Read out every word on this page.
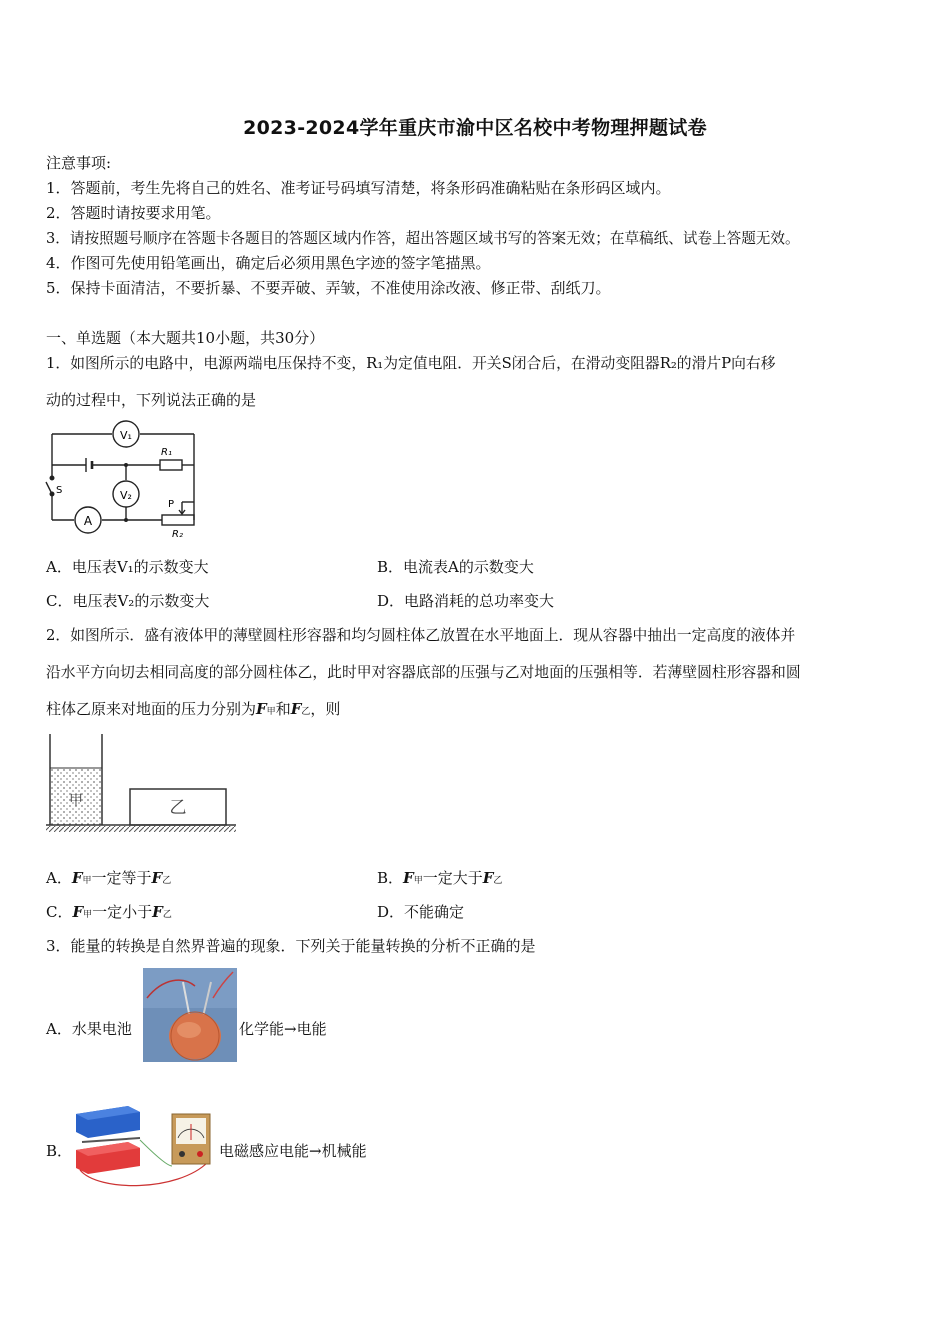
2023-2024学年重庆市渝中区名校中考物理押题试卷
注意事项:
1．答题前，考生先将自己的姓名、准考证号码填写清楚，将条形码准确粘贴在条形码区域内。
2．答题时请按要求用笔。
3．请按照题号顺序在答题卡各题目的答题区域内作答，超出答题区域书写的答案无效；在草稿纸、试卷上答题无效。
4．作图可先使用铅笔画出，确定后必须用黑色字迹的签字笔描黑。
5．保持卡面清洁，不要折暴、不要弄破、弄皱，不准使用涂改液、修正带、刮纸刀。
一、单选题（本大题共10小题，共30分）
1．如图所示的电路中，电源两端电压保持不变，R₁为定值电阻．开关S闭合后，在滑动变阻器R₂的滑片P向右移
动的过程中，下列说法正确的是
V₁
V₂
A
R₁
R₂
S
P
A．电压表V₁的示数变大	B．电流表A的示数变大
C．电压表V₂的示数变大	D．电路消耗的总功率变大
2．如图所示．盛有液体甲的薄壁圆柱形容器和均匀圆柱体乙放置在水平地面上．现从容器中抽出一定高度的液体并
沿水平方向切去相同高度的部分圆柱体乙，此时甲对容器底部的压强与乙对地面的压强相等．若薄壁圆柱形容器和圆
柱体乙原来对地面的压力分别为F甲和F乙，则
甲	乙
A．F甲一定等于F乙	B．F甲一定大于F乙
C．F甲一定小于F乙	D．不能确定
3．能量的转换是自然界普遍的现象．下列关于能量转换的分析不正确的是
A．水果电池	化学能→电能
B．	电磁感应电能→机械能
